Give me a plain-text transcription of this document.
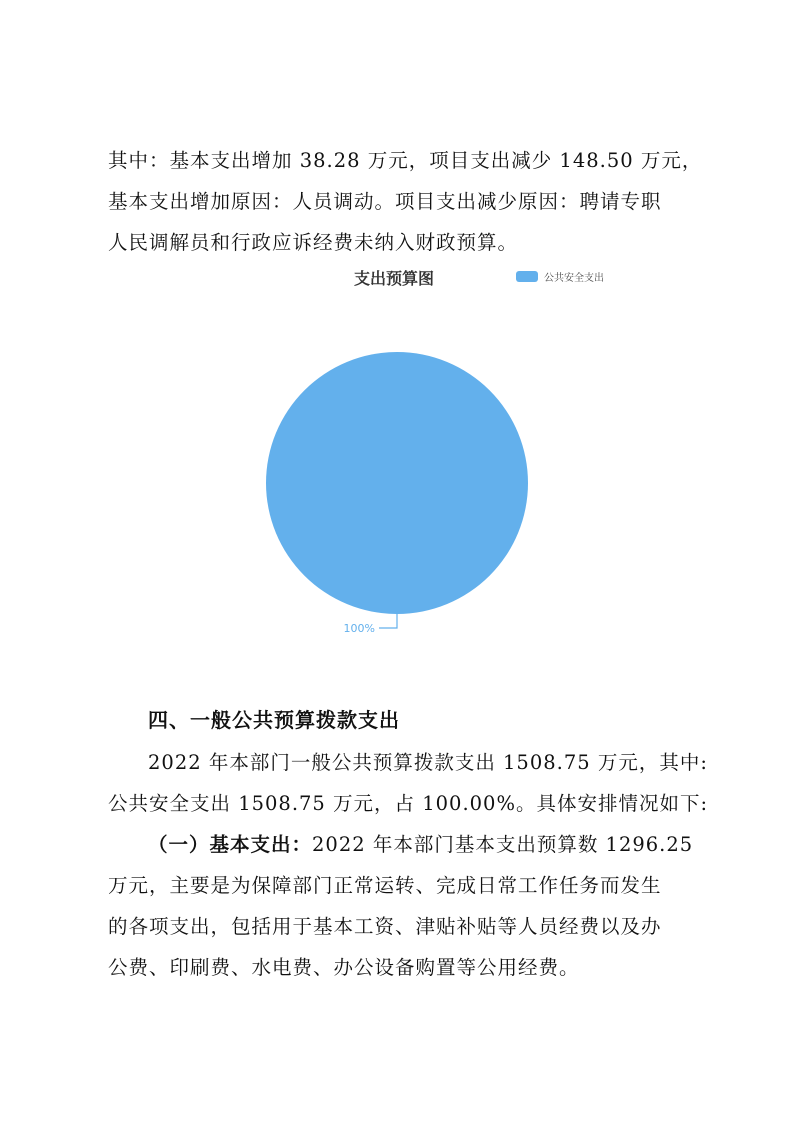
其中：基本支出增加 38.28 万元，项目支出减少 148.50 万元，
基本支出增加原因：人员调动。项目支出减少原因：聘请专职
人民调解员和行政应诉经费未纳入财政预算。
支出预算图	公共安全支出
100%
四、一般公共预算拨款支出
2022 年本部门一般公共预算拨款支出 1508.75 万元，其中:
公共安全支出 1508.75 万元，占 100.00%。具体安排情况如下:
（一）基本支出：2022 年本部门基本支出预算数 1296.25
万元，主要是为保障部门正常运转、完成日常工作任务而发生
的各项支出，包括用于基本工资、津贴补贴等人员经费以及办
公费、印刷费、水电费、办公设备购置等公用经费。
